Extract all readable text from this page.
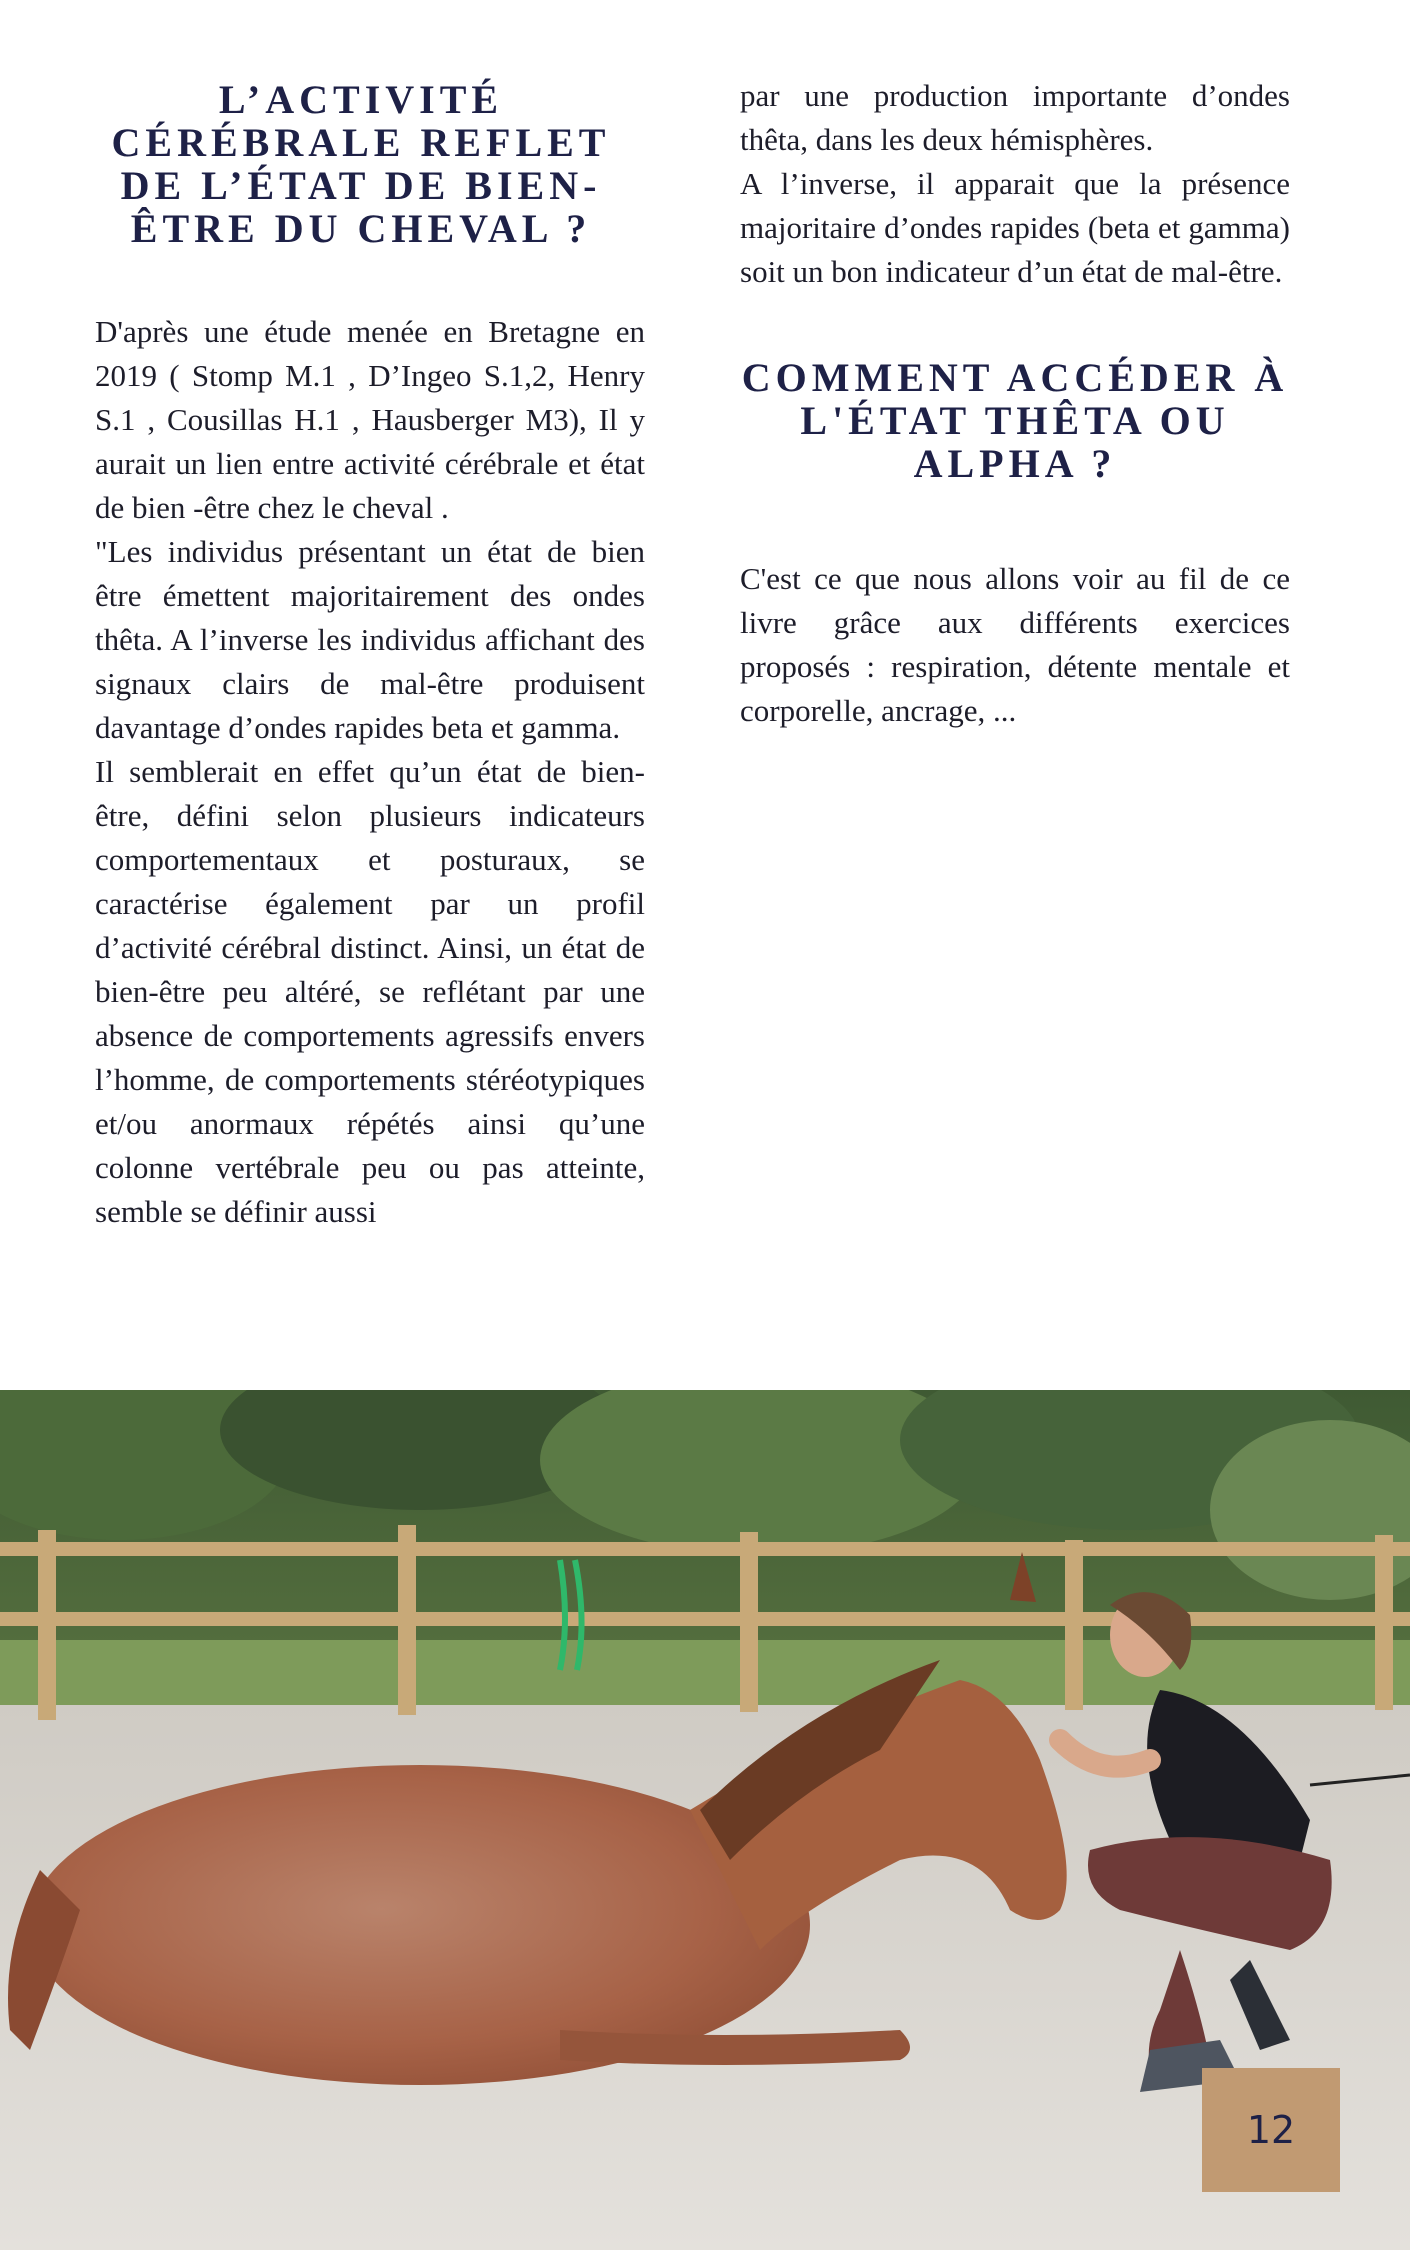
L’ACTIVITÉ CÉRÉBRALE REFLET DE L’ÉTAT DE BIEN-ÊTRE DU CHEVAL ?

D'après une étude menée en Bretagne en 2019 ( Stomp M.1 , D’Ingeo S.1,2, Henry S.1 , Cousillas H.1 , Hausberger M3), Il y aurait un lien entre activité cérébrale et état de bien -être chez le cheval .

"Les individus présentant un état de bien être émettent majoritairement des ondes thêta. A l’inverse les individus affichant des signaux clairs de mal-être produisent davantage d’ondes rapides beta et gamma.

Il semblerait en effet qu’un état de bien-être, défini selon plusieurs indicateurs comportementaux et posturaux, se caractérise également par un profil d’activité cérébral distinct. Ainsi, un état de bien-être peu altéré, se reflétant par une absence de comportements agressifs envers l’homme, de comportements stéréotypiques et/ou anormaux répétés ainsi qu’une colonne vertébrale peu ou pas atteinte, semble se définir aussi

par une production importante d’ondes thêta, dans les deux hémisphères.

A l’inverse, il apparait que la présence majoritaire d’ondes rapides (beta et gamma) soit un bon indicateur d’un état de mal-être.

COMMENT ACCÉDER À L'ÉTAT THÊTA OU ALPHA ?

C'est ce que nous allons voir au fil de ce livre grâce aux différents exercices proposés : respiration, détente mentale et corporelle, ancrage, ...

12
